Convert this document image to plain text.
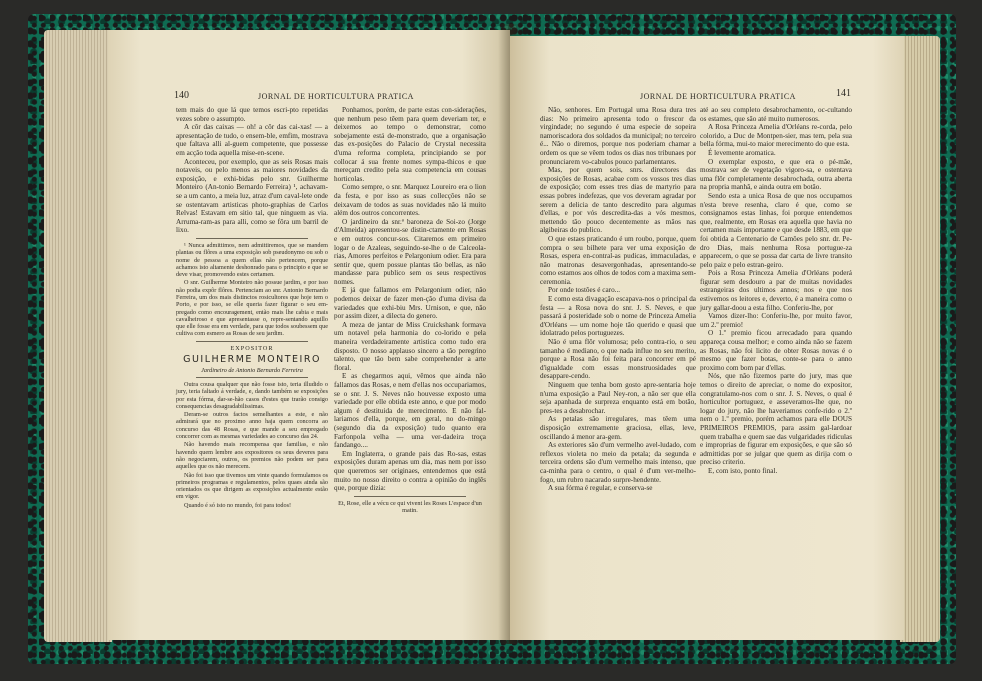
140	JORNAL DE HORTICULTURA PRATICA

tem mais do que lá que temos escri-pto repetidas vezes sobre o assumpto.

A côr das caixas — oh! a côr das cai-xas! — a apresentação de tudo, o ensem-ble, emfim, mostrava que faltava alli al-guem competente, que possesse em acção toda aquella mise-en-scene.

Aconteceu, por exemplo, que as seis Rosas mais notaveis, ou pelo menos as maiores novidades da exposição, e exhi-bidas pelo snr. Guilherme Monteiro (An-tonio Bernardo Ferreira) ¹, achavam-se a um canto, a meia luz, atraz d'um caval-lete onde se ostentavam artisticas photo-graphias de Carlos Relvas! Estavam em sitio tal, que ninguem as via. Arruma-ram-as para alli, como se fôra um barril de lixo.

¹ Nunca admittimos, nem admittiremos, que se mandem plantas ou flôres a uma exposição sob pseudonymo ou sob o nome de pessoa a quem ellas não pertencem, porque achamos isto altamente deshonrado para o principio e que se deve visar, promovendo estes certamen.

O snr. Guilherme Monteiro não possue jardim, e por isso não podia expôr flôres. Pertenciam ao snr. Antonio Bernardo Ferreira, um dos mais distinctos rosicultores que hoje tem o Porto, e por isso, se elle queria fazer figurar o seu em-pregado como encouragement, então mais lhe cabia e mais cavalheiroso e que apresentasse o, repre-sentando aquillo que elle fosse era em verdade, para que todos soubessem que cultiva com esmero as Rosas de seu jardim.

EXPOSITOR
GUILHERME MONTEIRO
Jardineiro de Antonio Bernardo Ferreira

Outra cousa qualquer que não fosse isto, teria illudido o jury, teria faltado á verdade, e, dando também se exposições por esta fórma, dar-se-hão casos d'estes que trarão consigo consequencias desagradabilissimas.

Deram-se outros factos semelhantes a este, e não admirará que no proximo anno haja quem concorra ao concurso das 48 Rosas, e que mande a seu empregado concorrer com as mesmas variedades ao concurso das 24.

Não havendo mais recompensa que familias, e não havendo quem lembre aos expositores os seus deveres para não negociarem, outros, os premios não podem ser para aquelles que os não merecem.

Não foi isso que tivemos um vinte quando formulamos os primeiros programas e regulamentos, pelos quaes ainda são orientados os que dirigem as exposições actualmente estão em vigor.

Quando é só isto no mundo, foi para todos!

Ponhamos, porém, de parte estas con-siderações, que nenhum peso têem para quem deveriam ter, e deixemos ao tempo o demonstrar, como sobejamente está de-monstrado, que a organisação das ex-posições do Palacio de Crystal necessita d'uma reforma completa, principiando se por collocar á sua frente nomes sympa-thicos e que mereçam credito pela sua competencia em cousas horticolas.

Como sempre, o snr. Marquez Loureiro era o lion da festa, e por isso as suas collecções não se deixavam de todos as suas novidades não lá muito além dos outros concorrentes.

O jardineiro da snr.ª baroneza de Soi-zo (Jorge d'Almeida) apresentou-se distin-ctamente em Rosas e em outros concur-sos. Citaremos em primeiro logar o de Azaleas, seguindo-se-lhe o de Calceola-rias, Amores perfeitos e Pelargonium odier. Era para sentir que, quem possue plantas tão bellas, as não mandasse para publico sem os seus respectivos nomes.

E já que fallamos em Pelargonium odier, não podemos deixar de fazer men-ção d'uma divisa da variedades que exhi-biu Mrs. Urnison, e que, não por assim dizer, a dilecta do genero.

A meza de jantar de Miss Cruickshank formava um notavel pela harmonia do co-lorido e pela maneira verdadeiramente artistica como tudo era disposto. O nosso applauso sincero a tão peregrino talento, que tão bem sabe comprehender a arte floral.

E as chegarmos aqui, vêmos que ainda não fallamos das Rosas, e nem d'ellas nos occupariamos, se o snr. J. S. Neves não houvesse exposto uma variedade por elle obtida este anno, e que por modo algum é destituida de merecimento. E não fal-lariamos d'ella, porque, em geral, no do-mingo (segundo dia da exposição) tudo quanto era Farfonpola velha — uma ver-dadeira troça fandango....

Em Inglaterra, o grande pais das Ro-sas, estas exposições duram apenas um dia, mas nem por isso que queremos ser originaes, entendemos que está muito no nosso direito o contra a opinião do inglês que, porque dizia:

Et, Rose, elle a vécu ce qui vivent les Roses L'espace d'un matin.

JORNAL DE HORTICULTURA PRATICA	141

Não, senhores. Em Portugal uma Rosa dura tres dias: No primeiro apresenta todo o frescor da virgindade; no segundo é uma especie de sopeira namoriscadora dos soldados da municipal; no terceiro é... Não o diremos, porque nos poderiam chamar a ordem os que se vêem todos os dias nos tribunaes por pronunciarem vo-cabulos pouco parlamentares.

Mas, por quem sois, snrs. directores das exposições de Rosas, acabae com os vossos tres dias de exposição; com esses tres dias de martyrio para essas pobres indefezas, que vos deveram agradar por serem a delicia de tanto descredito para algumas d'ellas, e por vós descredita-das a vós mesmos, mettendo tão pouco decentemente as mãos nas algibeiras do publico.

O que estaes praticando é um roubo, porque, quem compra o seu bilhete para ver uma exposição de Rosas, espera en-contral-as pudicas, immaculadas, e não matronas desavergonhadas, apresentando-se como estamos aos olhos de todos com a maxima sem-ceremonia.

Por onde tostões é caro...

E como esta divagação escapava-nos o principal da festa — a Rosa nova do snr. J. S. Neves, e que passará á posteridade sob o nome de Princeza Amelia d'Orléans — um nome hoje tão querido e quasi que idolatrado pelos portuguezes.

Não é uma flôr volumosa; pelo contra-rio, o seu tamanho é mediano, o que nada influe no seu merito, porque a Rosa não foi feita para concorrer em pé d'igualdade com essas monstruosidades que desappare-cendo.

Ninguem que tenha bom gosto apre-sentaria hoje n'uma exposição a Paul Ney-ron, a não ser que ella seja apanhada de surpreza enquanto está em botão, pres-tes a desabrochar.

As petalas são irregulares, mas têem uma disposição extremamente graciosa, ellas, leve, oscillando á menor ara-gem.

As exteriores são d'um vermelho avel-ludado, com reflexos violeta no meio da petala; da segunda e terceira ordens são d'um vermelho mais intenso, que ca-minha para o centro, o qual é d'um ver-melho-fogo, um rubro nacarado surpre-hendente.

A sua fórma é regular, e conserva-se

até ao seu completo desabrochamento, oc-cultando os estames, que são até muito numerosos.

A Rosa Princeza Amelia d'Orléans re-corda, pelo colorido, a Duc de Montpen-sier, mas tem, pela sua bella fórma, mui-to maior merecimento do que esta.

É levemente aromatica.

O exemplar exposto, e que era o pé-mãe, mostrava ser de vegetação vigoro-sa, e ostentava uma flôr completamente desabrochada, outra aberta na propria manhã, e ainda outra em botão.

Sendo esta a unica Rosa de que nos occupamos n'esta breve resenha, claro é que, como se consignamos estas linhas, foi porque entendemos que, realmente, em Rosas era aquella que havia no certamen mais importante e que desde 1883, em que foi obtida a Centenario de Camões pelo snr. dr. Pe-dro Dias, mais nenhuma Rosa portugue-za apparecem, o que se possa dar carta de livre transito pelo paiz e pelo estran-geiro.

Pois a Rosa Princeza Amelia d'Orléans poderá figurar sem desdouro a par de muitas novidades estrangeiras dos ultimos annos; nos e que nos estivemos os leitores e, deverto, é a maneira como o jury gallar-doou a esta filho. Conferiu-lhe, por

Vamos dizer-lho: Conferiu-lhe, por muito favor, um 2.º premio!

O 1.º premio ficou arrecadado para quando appareça cousa melhor; e como ainda não se fazem as Rosas, não foi licito de obter Rosas novas é o mesmo que fazer botas, conte-se para o anno proximo com bom par d'ellas.

Nós, que não fizemos parte do jury, mas que temos o direito de apreciar, o nome do expositor, congratulamo-nos com o snr. J. S. Neves, o qual é horticultor portuguez, e asseveramos-lhe que, no logar do jury, não lhe haveriamos confe-rido o 2.º nem o 1.º premio, porém achamos para elle DOUS PRIMEIROS PREMIOS, para assim gal-lardoar quem trabalha e quem sae das vulgaridades ridiculas e improprias de figurar em exposições, e que são só admittidas por se julgar que quem as dirija com o preciso criterio.

E, com isto, ponto final.
